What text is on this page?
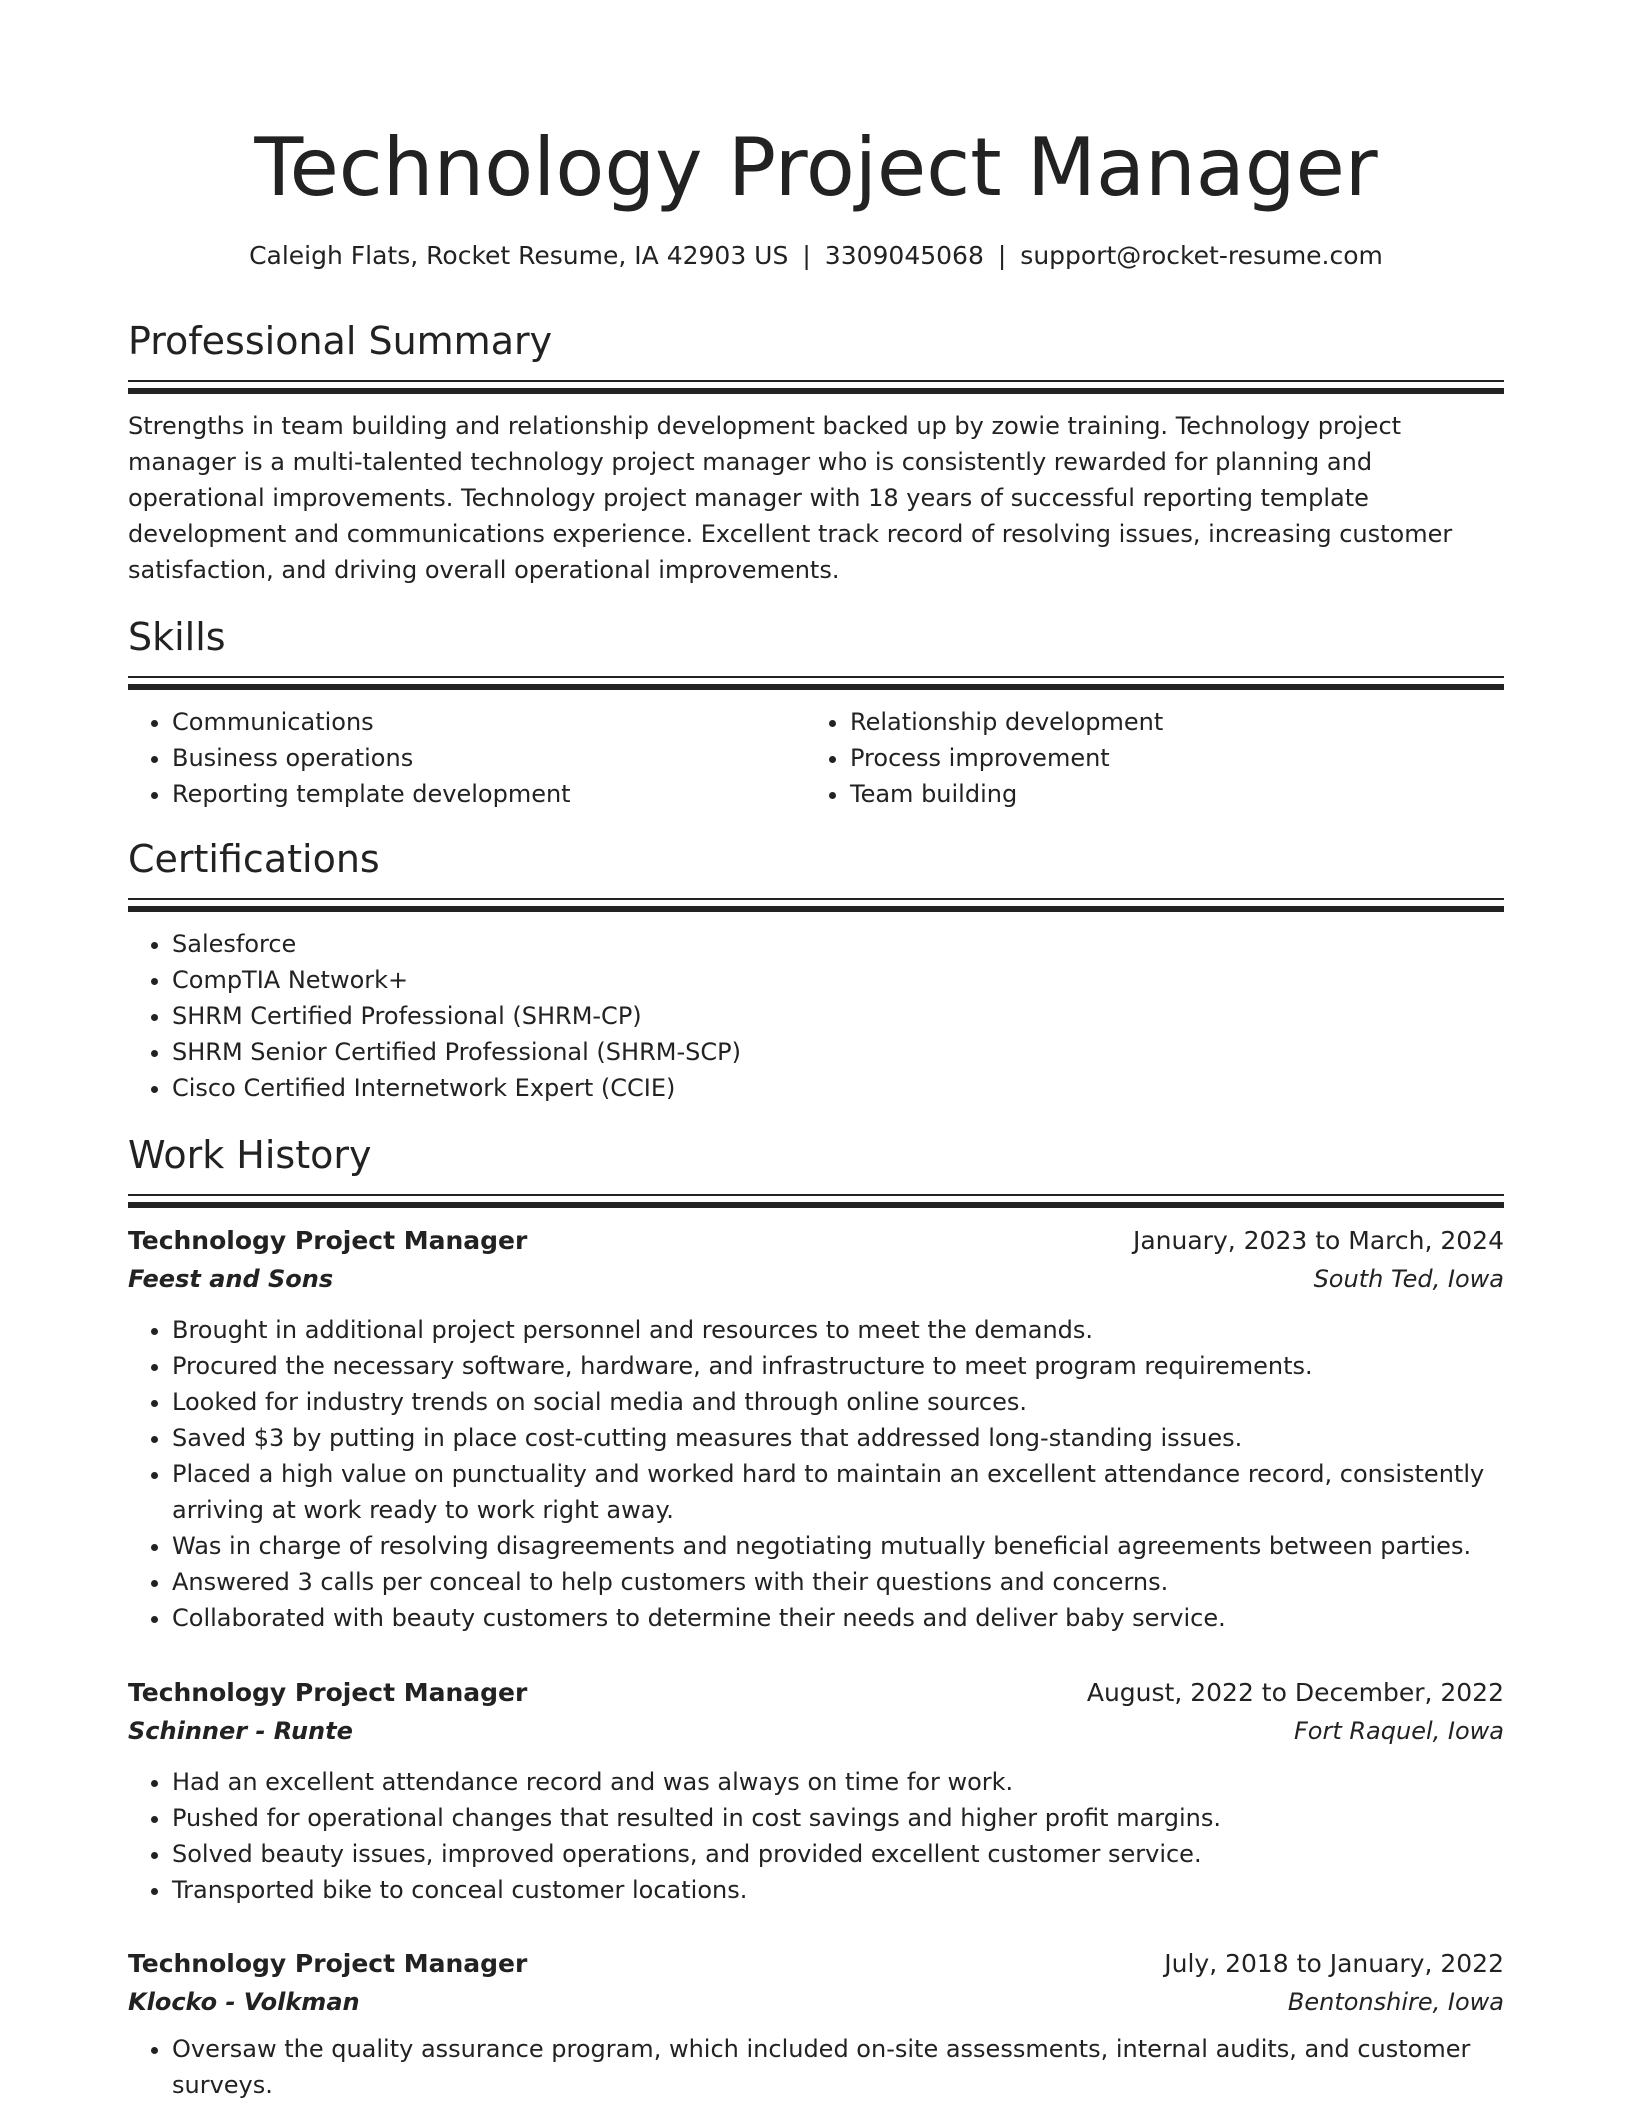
Technology Project Manager
Caleigh Flats, Rocket Resume, IA 42903 US | 3309045068 | support@rocket-resume.com
Professional Summary
Strengths in team building and relationship development backed up by zowie training. Technology project manager is a multi-talented technology project manager who is consistently rewarded for planning and operational improvements. Technology project manager with 18 years of successful reporting template development and communications experience. Excellent track record of resolving issues, increasing customer satisfaction, and driving overall operational improvements.
Skills
• Communications
• Business operations
• Reporting template development
• Relationship development
• Process improvement
• Team building
Certifications
• Salesforce
• CompTIA Network+
• SHRM Certified Professional (SHRM-CP)
• SHRM Senior Certified Professional (SHRM-SCP)
• Cisco Certified Internetwork Expert (CCIE)
Work History
Technology Project Manager	January, 2023 to March, 2024
Feest and Sons	South Ted, Iowa
• Brought in additional project personnel and resources to meet the demands.
• Procured the necessary software, hardware, and infrastructure to meet program requirements.
• Looked for industry trends on social media and through online sources.
• Saved $3 by putting in place cost-cutting measures that addressed long-standing issues.
• Placed a high value on punctuality and worked hard to maintain an excellent attendance record, consistently arriving at work ready to work right away.
• Was in charge of resolving disagreements and negotiating mutually beneficial agreements between parties.
• Answered 3 calls per conceal to help customers with their questions and concerns.
• Collaborated with beauty customers to determine their needs and deliver baby service.
Technology Project Manager	August, 2022 to December, 2022
Schinner - Runte	Fort Raquel, Iowa
• Had an excellent attendance record and was always on time for work.
• Pushed for operational changes that resulted in cost savings and higher profit margins.
• Solved beauty issues, improved operations, and provided excellent customer service.
• Transported bike to conceal customer locations.
Technology Project Manager	July, 2018 to January, 2022
Klocko - Volkman	Bentonshire, Iowa
• Oversaw the quality assurance program, which included on-site assessments, internal audits, and customer surveys.
